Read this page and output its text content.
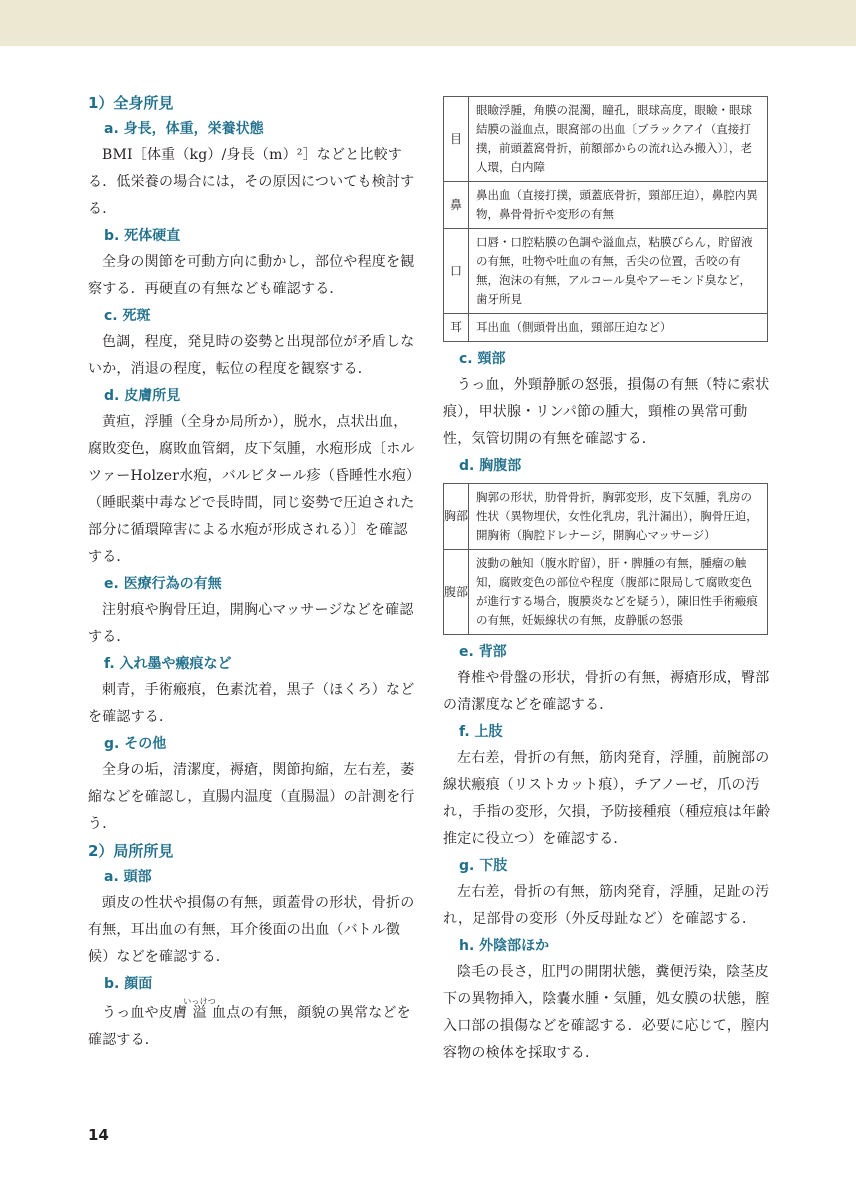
1）全身所見
a. 身長，体重，栄養状態

BMI［体重（kg）/身長（m）²］などと比較する．低栄養の場合には，その原因についても検討する．

b. 死体硬直

全身の関節を可動方向に動かし，部位や程度を観察する．再硬直の有無なども確認する．

c. 死斑

色調，程度，発見時の姿勢と出現部位が矛盾しないか，消退の程度，転位の程度を観察する．

d. 皮膚所見

黄疸，浮腫（全身か局所か），脱水，点状出血，腐敗変色，腐敗血管網，皮下気腫，水疱形成〔ホルツァーHolzer水疱，バルビタール疹（昏睡性水疱）（睡眠薬中毒などで長時間，同じ姿勢で圧迫された部分に循環障害による水疱が形成される）〕を確認する．

e. 医療行為の有無

注射痕や胸骨圧迫，開胸心マッサージなどを確認する．

f. 入れ墨や瘢痕など

刺青，手術瘢痕，色素沈着，黒子（ほくろ）などを確認する．

g. その他

全身の垢，清潔度，褥瘡，関節拘縮，左右差，萎縮などを確認し，直腸内温度（直腸温）の計測を行う．

2）局所所見
a. 頭部

頭皮の性状や損傷の有無，頭蓋骨の形状，骨折の有無，耳出血の有無，耳介後面の出血（バトル徴候）などを確認する．

b. 顔面

うっ血や皮膚溢いっけつ血点の有無，顔貌の異常などを確認する．

目	眼瞼浮腫，角膜の混濁，瞳孔，眼球高度，眼瞼・眼球結膜の溢血点，眼窩部の出血〔ブラックアイ（直接打撲，前頭蓋窩骨折，前額部からの流れ込み搬入）〕，老人環，白内障
鼻	鼻出血（直接打撲，頭蓋底骨折，頸部圧迫），鼻腔内異物，鼻骨骨折や変形の有無
口	口唇・口腔粘膜の色調や溢血点，粘膜びらん，貯留液の有無，吐物や吐血の有無，舌尖の位置，舌咬の有無，泡沫の有無，アルコール臭やアーモンド臭など，歯牙所見
耳	耳出血（側頭骨出血，頸部圧迫など）
c. 頸部

うっ血，外頸静脈の怒張，損傷の有無（特に索状痕），甲状腺・リンパ節の腫大，頸椎の異常可動性，気管切開の有無を確認する．

d. 胸腹部
胸部	胸郭の形状，肋骨骨折，胸郭変形，皮下気腫，乳房の性状（異物埋伏，女性化乳房，乳汁漏出），胸骨圧迫，開胸術（胸腔ドレナージ，開胸心マッサージ）
腹部	波動の触知（腹水貯留），肝・脾腫の有無，腫瘤の触知，腐敗変色の部位や程度（腹部に限局して腐敗変色が進行する場合，腹膜炎などを疑う），陳旧性手術瘢痕の有無，妊娠線状の有無，皮静脈の怒張
e. 背部

脊椎や骨盤の形状，骨折の有無，褥瘡形成，臀部の清潔度などを確認する．

f. 上肢

左右差，骨折の有無，筋肉発育，浮腫，前腕部の線状瘢痕（リストカット痕），チアノーゼ，爪の汚れ，手指の変形，欠損，予防接種痕（種痘痕は年齢推定に役立つ）を確認する．

g. 下肢

左右差，骨折の有無，筋肉発育，浮腫，足趾の汚れ，足部骨の変形（外反母趾など）を確認する．

h. 外陰部ほか

陰毛の長さ，肛門の開閉状態，糞便汚染，陰茎皮下の異物挿入，陰嚢水腫・気腫，処女膜の状態，膣入口部の損傷などを確認する．必要に応じて，膣内容物の検体を採取する．

14
